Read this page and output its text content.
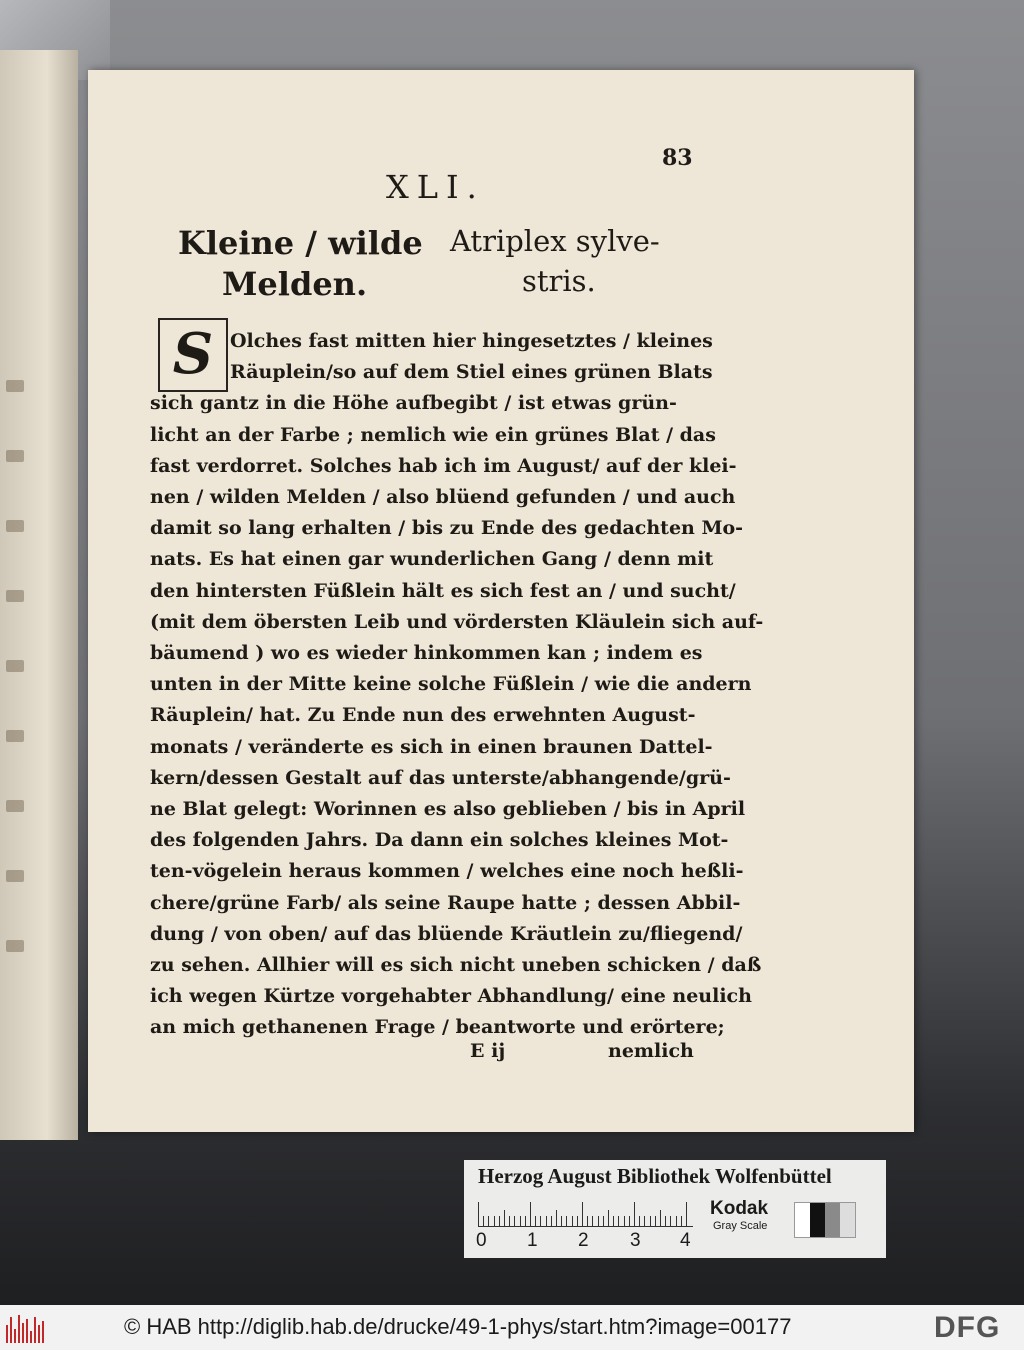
83
XLI.
Kleine / wilde
Melden.
Atriplex sylve-
stris.
S Olches fast mitten hier hingesetztes / kleines
Räuplein/so auf dem Stiel eines grünen Blats
sich gantz in die Höhe aufbegibt / ist etwas grün-
licht an der Farbe ; nemlich wie ein grünes Blat / das
fast verdorret. Solches hab ich im August/ auf der klei-
nen / wilden Melden / also blüend gefunden / und auch
damit so lang erhalten / bis zu Ende des gedachten Mo-
nats. Es hat einen gar wunderlichen Gang / denn mit
den hintersten Füßlein hält es sich fest an / und sucht/
(mit dem öbersten Leib und vördersten Kläulein sich auf-
bäumend ) wo es wieder hinkommen kan ; indem es
unten in der Mitte keine solche Füßlein / wie die andern
Räuplein/ hat. Zu Ende nun des erwehnten August-
monats / veränderte es sich in einen braunen Dattel-
kern/dessen Gestalt auf das unterste/abhangende/grü-
ne Blat gelegt: Worinnen es also geblieben / bis in April
des folgenden Jahrs. Da dann ein solches kleines Mot-
ten-vögelein heraus kommen / welches eine noch heßli-
chere/grüne Farb/ als seine Raupe hatte ; dessen Abbil-
dung / von oben/ auf das blüende Kräutlein zu/fliegend/
zu sehen. Allhier will es sich nicht uneben schicken / daß
ich wegen Kürtze vorgehabter Abhandlung/ eine neulich
an mich gethanenen Frage / beantworte und erörtere;
E ij	nemlich
Herzog August Bibliothek Wolfenbüttel
0 1 2 3 4
Kodak
Gray Scale
© HAB http://diglib.hab.de/drucke/49-1-phys/start.htm?image=00177	DFG
